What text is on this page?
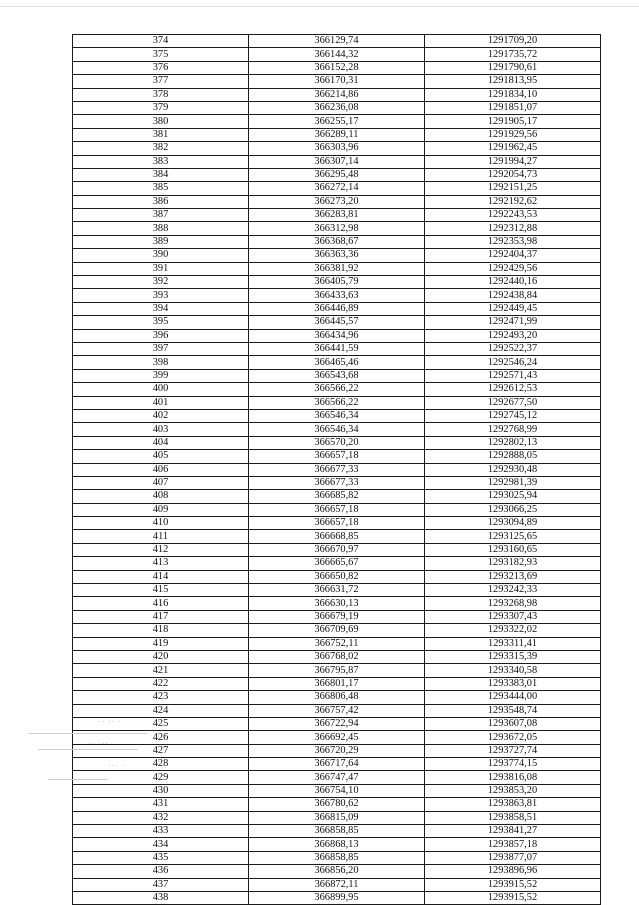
374	366129,74	1291709,20
375	366144,32	1291735,72
376	366152,28	1291790,61
377	366170,31	1291813,95
378	366214,86	1291834,10
379	366236,08	1291851,07
380	366255,17	1291905,17
381	366289,11	1291929,56
382	366303,96	1291962,45
383	366307,14	1291994,27
384	366295,48	1292054,73
385	366272,14	1292151,25
386	366273,20	1292192,62
387	366283,81	1292243,53
388	366312,98	1292312,88
389	366368,67	1292353,98
390	366363,36	1292404,37
391	366381,92	1292429,56
392	366405,79	1292440,16
393	366433,63	1292438,84
394	366446,89	1292449,45
395	366445,57	1292471,99
396	366434,96	1292493,20
397	366441,59	1292522,37
398	366465,46	1292546,24
399	366543,68	1292571,43
400	366566,22	1292612,53
401	366566,22	1292677,50
402	366546,34	1292745,12
403	366546,34	1292768,99
404	366570,20	1292802,13
405	366657,18	1292888,05
406	366677,33	1292930,48
407	366677,33	1292981,39
408	366685,82	1293025,94
409	366657,18	1293066,25
410	366657,18	1293094,89
411	366668,85	1293125,65
412	366670,97	1293160,65
413	366665,67	1293182,93
414	366650,82	1293213,69
415	366631,72	1293242,33
416	366630,13	1293268,98
417	366679,19	1293307,43
418	366709,69	1293322,02
419	366752,11	1293311,41
420	366768,02	1293315,39
421	366795,87	1293340,58
422	366801,17	1293383,01
423	366806,48	1293444,00
424	366757,42	1293548,74
425	366722,94	1293607,08
426	366692,45	1293672,05
427	366720,29	1293727,74
428	366717,64	1293774,15
429	366747,47	1293816,08
430	366754,10	1293853,20
431	366780,62	1293863,81
432	366815,09	1293858,51
433	366858,85	1293841,27
434	366868,13	1293857,18
435	366858,85	1293877,07
436	366856,20	1293896,96
437	366872,11	1293915,52
438	366899,95	1293915,52
·· ·· ·
·· ···
··· ·
